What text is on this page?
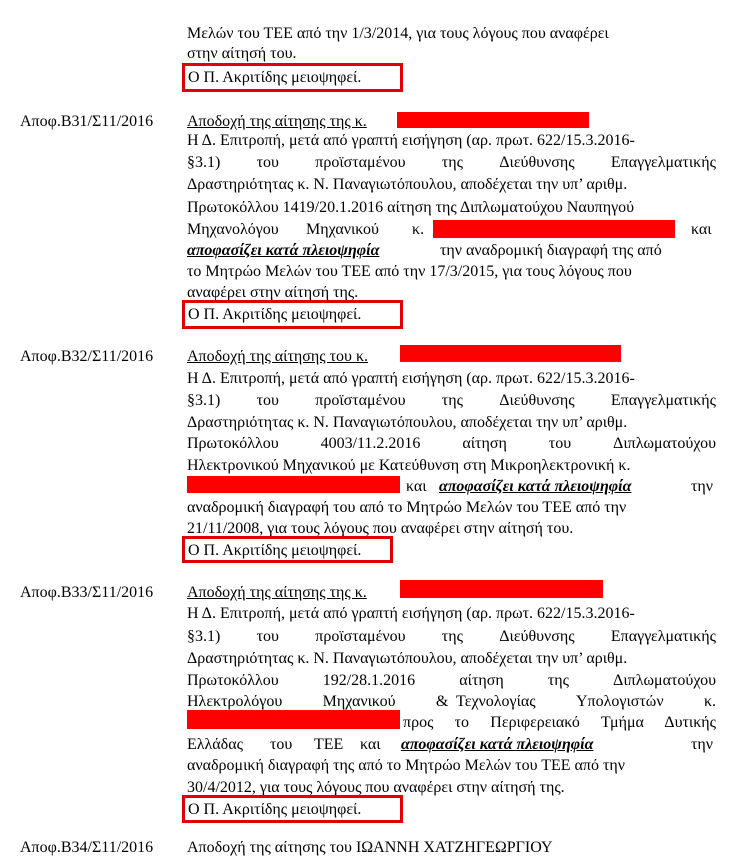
Μελών του ΤΕΕ από την 1/3/2014, για τους λόγους που αναφέρει
στην αίτησή του.
Ο Π. Ακριτίδης μειοψηφεί.
Αποφ.Β31/Σ11/2016 Αποδοχή της αίτησης της κ.
Η Δ. Επιτροπή, μετά από γραπτή εισήγηση (αρ. πρωτ. 622/15.3.2016-
§3.1) του προϊσταμένου της Διεύθυνσης Επαγγελματικής
Δραστηριότητας κ. Ν. Παναγιωτόπουλου, αποδέχεται την υπ’ αριθμ.
Πρωτοκόλλου 1419/20.1.2016 αίτηση της Διπλωματούχου Ναυπηγού
Μηχανολόγου Μηχανικού κ.	και
αποφασίζει κατά πλειοψηφία	την αναδρομική διαγραφή της από
το Μητρώο Μελών του ΤΕΕ από την 17/3/2015, για τους λόγους που
αναφέρει στην αίτησή της.
Ο Π. Ακριτίδης μειοψηφεί.
Αποφ.Β32/Σ11/2016 Αποδοχή της αίτησης του κ.
Η Δ. Επιτροπή, μετά από γραπτή εισήγηση (αρ. πρωτ. 622/15.3.2016-
§3.1) του προϊσταμένου της Διεύθυνσης Επαγγελματικής
Δραστηριότητας κ. Ν. Παναγιωτόπουλου, αποδέχεται την υπ’ αριθμ.
Πρωτοκόλλου	4003/11.2.2016	αίτηση	του	Διπλωματούχου
Ηλεκτρονικού Μηχανικού με Κατεύθυνση στη Μικροηλεκτρονική κ.
και αποφασίζει κατά πλειοψηφία	την
αναδρομική διαγραφή του από το Μητρώο Μελών του ΤΕΕ από την
21/11/2008, για τους λόγους που αναφέρει στην αίτησή του.
Ο Π. Ακριτίδης μειοψηφεί.
Αποφ.Β33/Σ11/2016 Αποδοχή της αίτησης της κ.
Η Δ. Επιτροπή, μετά από γραπτή εισήγηση (αρ. πρωτ. 622/15.3.2016-
§3.1) του προϊσταμένου της Διεύθυνσης Επαγγελματικής
Δραστηριότητας κ. Ν. Παναγιωτόπουλου, αποδέχεται την υπ’ αριθμ.
Πρωτοκόλλου	192/28.1.2016	αίτηση	της	Διπλωματούχου
Ηλεκτρολόγου	Μηχανικού	&  Τεχνολογίας	Υπολογιστών	κ.
προς το Περιφερειακό Τμήμα Δυτικής
Ελλάδας του ΤΕΕ και αποφασίζει κατά πλειοψηφία	την
αναδρομική διαγραφή της από το Μητρώο Μελών του ΤΕΕ από την
30/4/2012, για τους λόγους που αναφέρει στην αίτησή της.
Ο Π. Ακριτίδης μειοψηφεί.
Αποφ.Β34/Σ11/2016 Αποδοχή της αίτησης του ΙΩΑΝΝΗ ΧΑΤΖΗΓΕΩΡΓΙΟΥ
